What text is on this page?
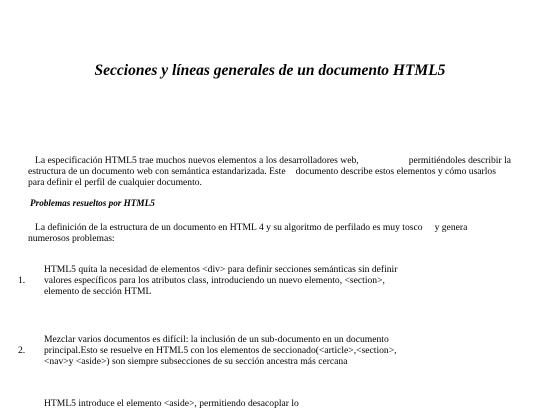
Secciones y líneas generales de un documento HTML5
La especificación HTML5 trae muchos nuevos elementos a los desarrolladores web,	permitiéndoles describir la
estructura de un documento web con semántica estandarizada. Este documento describe estos elementos y cómo usarlos
para definir el perfil de cualquier documento.
Problemas resueltos por HTML5
La definición de la estructura de un documento en HTML 4 y su algoritmo de perfilado es muy tosco y genera
numerosos problemas:
1.
HTML5 quita la necesidad de elementos <div> para definir secciones semánticas sin definir
valores específicos para los atributos class, introduciendo un nuevo elemento, <section>,
elemento de sección HTML
2.
Mezclar varios documentos es difícil: la inclusión de un sub-documento en un documento
principal.Esto se resuelve en HTML5 con los elementos de seccionado(<article>,<section>,
<nav>y <aside>) son siempre subsecciones de su sección ancestra más cercana
HTML5 introduce el elemento <aside>, permitiendo desacoplar lo
